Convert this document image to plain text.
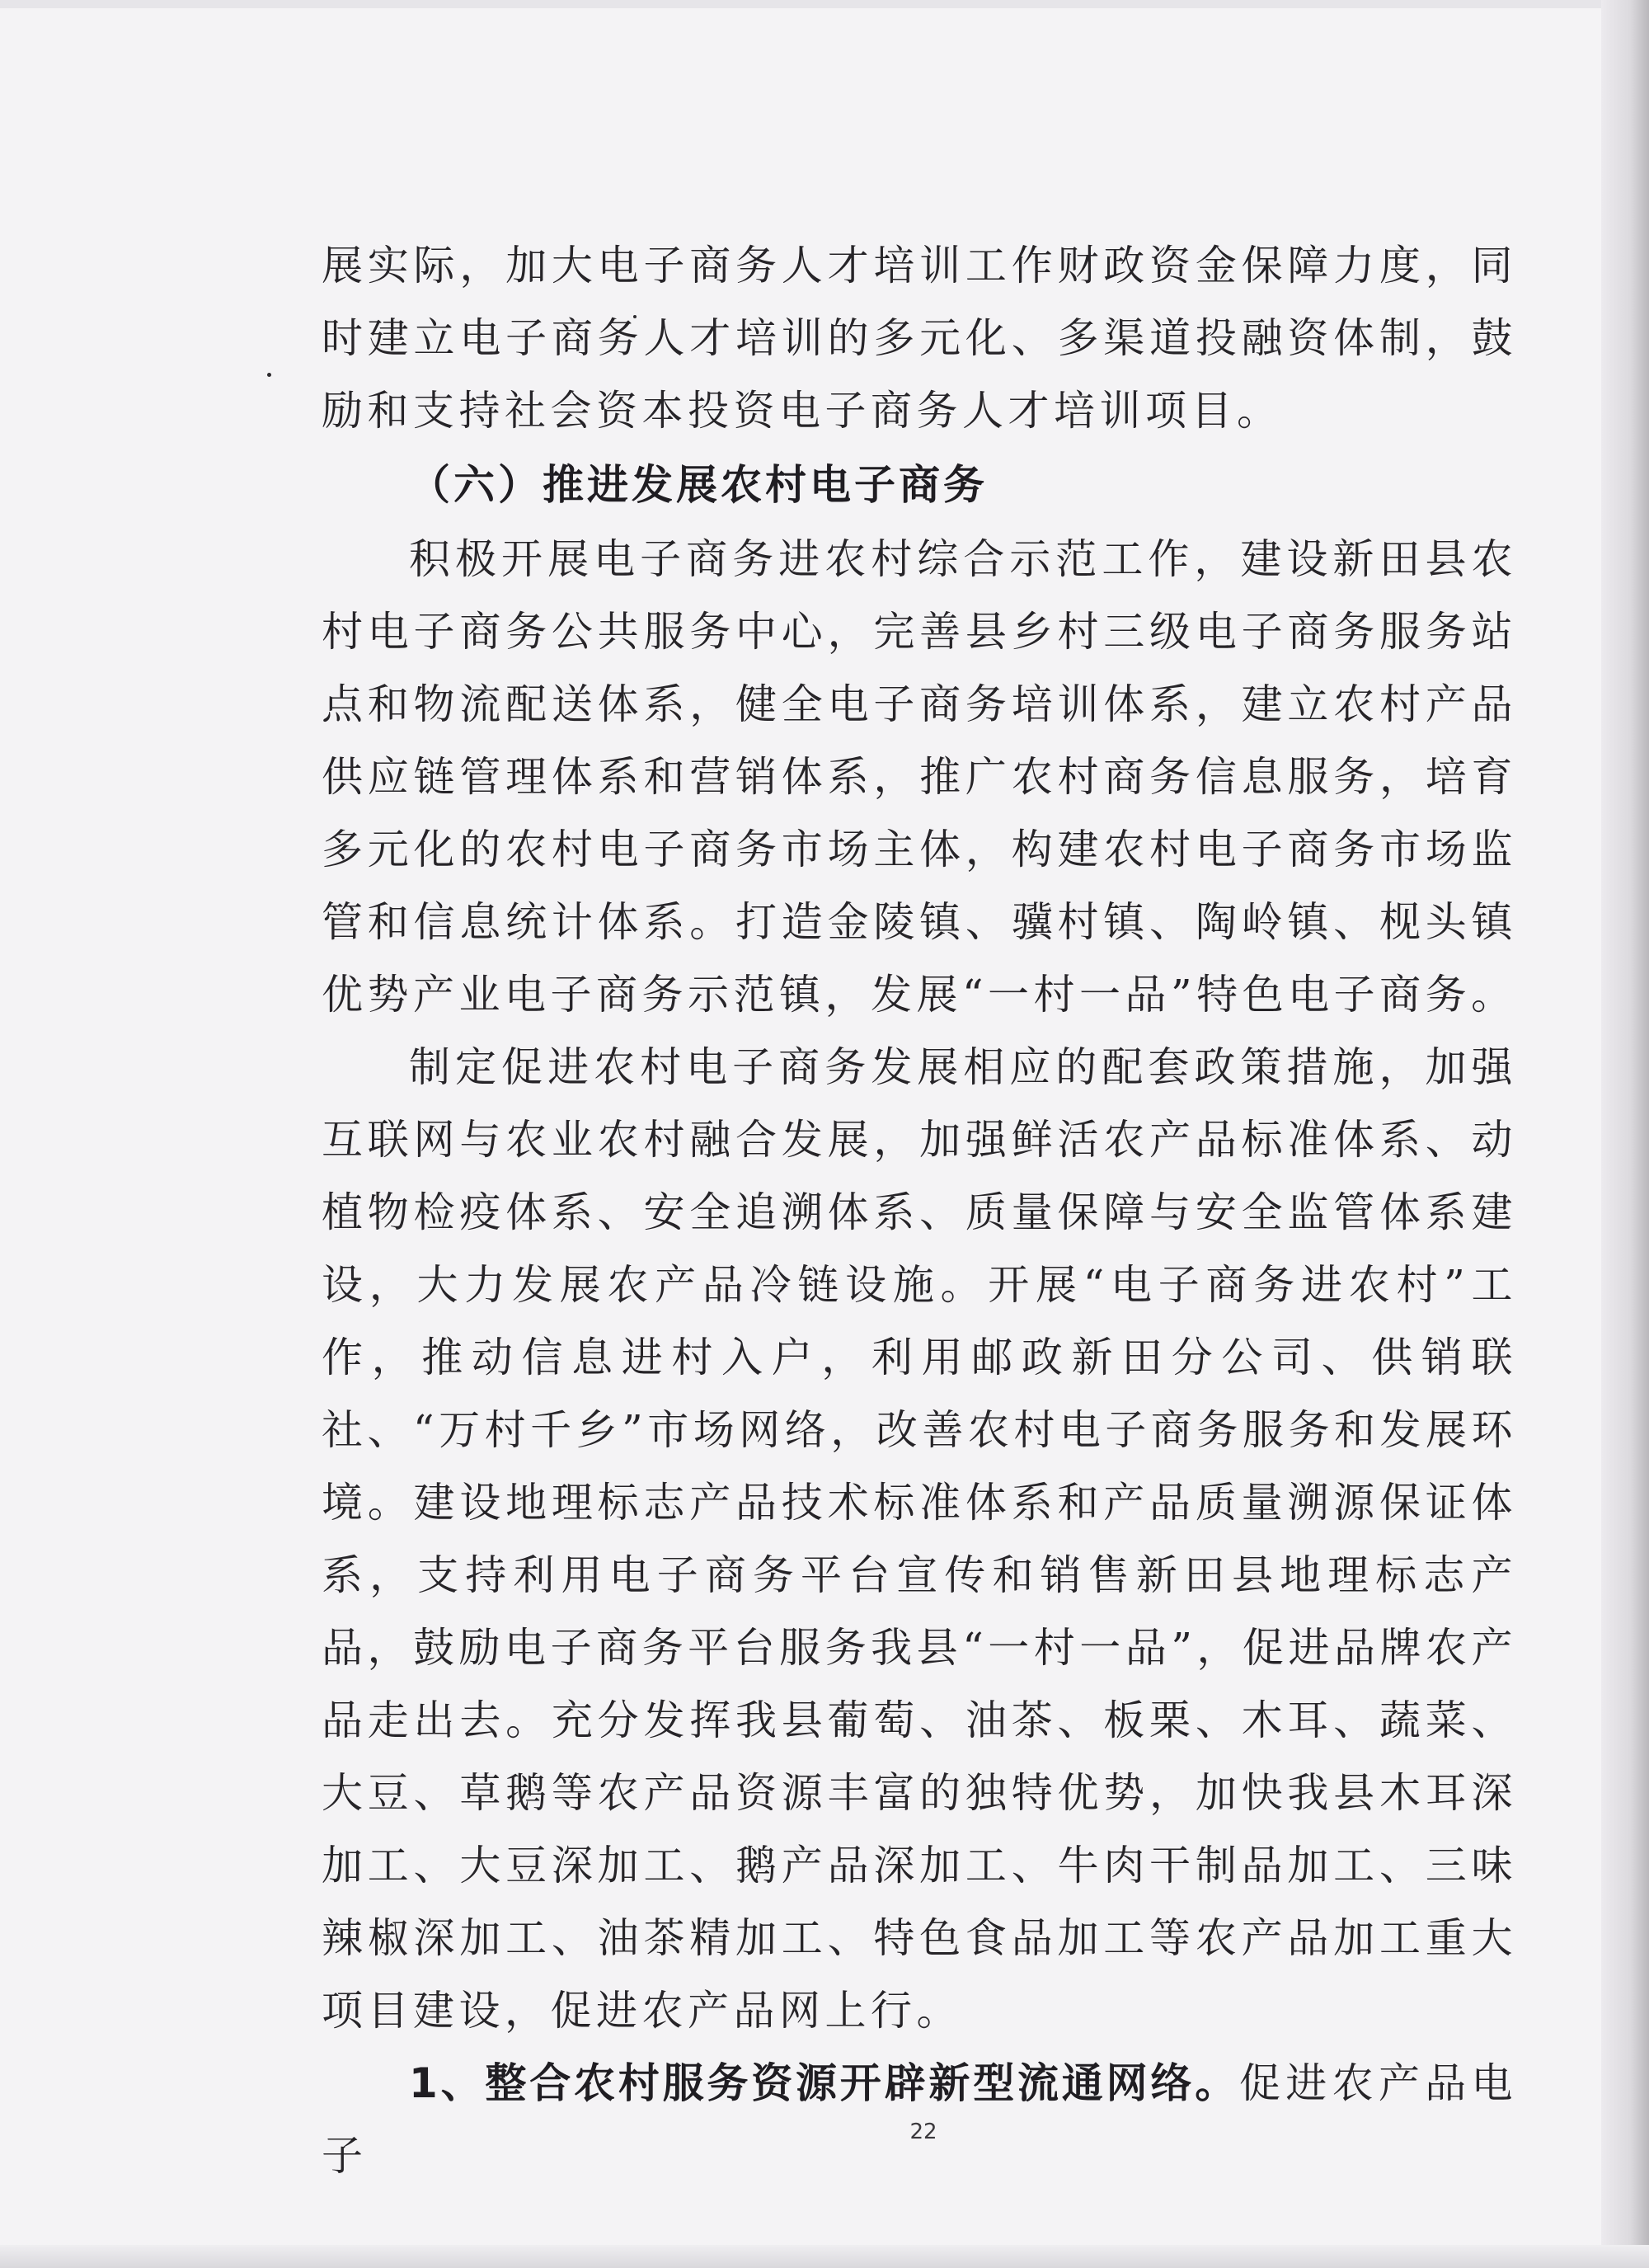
展实际，加大电子商务人才培训工作财政资金保障力度，同时建立电子商务人才培训的多元化、多渠道投融资体制，鼓励和支持社会资本投资电子商务人才培训项目。

（六）推进发展农村电子商务

积极开展电子商务进农村综合示范工作，建设新田县农村电子商务公共服务中心，完善县乡村三级电子商务服务站点和物流配送体系，健全电子商务培训体系，建立农村产品供应链管理体系和营销体系，推广农村商务信息服务，培育多元化的农村电子商务市场主体，构建农村电子商务市场监管和信息统计体系。打造金陵镇、骥村镇、陶岭镇、枧头镇优势产业电子商务示范镇，发展“一村一品”特色电子商务。

制定促进农村电子商务发展相应的配套政策措施，加强互联网与农业农村融合发展，加强鲜活农产品标准体系、动植物检疫体系、安全追溯体系、质量保障与安全监管体系建设，大力发展农产品冷链设施。开展“电子商务进农村”工作，推动信息进村入户，利用邮政新田分公司、供销联社、“万村千乡”市场网络，改善农村电子商务服务和发展环境。建设地理标志产品技术标准体系和产品质量溯源保证体系，支持利用电子商务平台宣传和销售新田县地理标志产品，鼓励电子商务平台服务我县“一村一品”，促进品牌农产品走出去。充分发挥我县葡萄、油茶、板栗、木耳、蔬菜、大豆、草鹅等农产品资源丰富的独特优势，加快我县木耳深加工、大豆深加工、鹅产品深加工、牛肉干制品加工、三味辣椒深加工、油茶精加工、特色食品加工等农产品加工重大项目建设，促进农产品网上行。

1、整合农村服务资源开辟新型流通网络。促进农产品电子	22
